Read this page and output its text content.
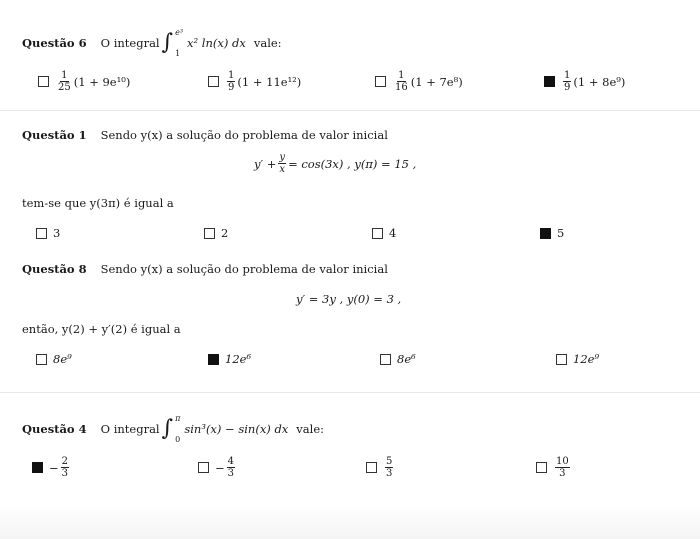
Questão 6 O integral ∫ e³
1
x² ln(x) dx vale:
$\frac{1}{25} (1 + 9e^{10})$	$\frac{1}{9} (1 + 11e^{12})$	$\frac{1}{16} (1 + 7e^8)$	$\frac{1}{9} (1 + 8e^9)$
Questão 1 Sendo y(x) a solução do problema de valor inicial
$y' + \frac{y}{x} = \cos(3x)$ , y(π) = 15 ,
tem-se que y(3π) é igual a
3	2	4	5
Questão 8 Sendo y(x) a solução do problema de valor inicial
y′ = 3y , y(0) = 3 ,
então, y(2) + y′(2) é igual a
8e⁹	12e⁶	8e⁶	12e⁹
Questão 4 O integral ∫ π
0
sin³(x) − sin(x) dx vale:
− $\frac{2}{3}$	− $\frac{4}{3}$	$\frac{5}{3}$	$\frac{10}{3}$
